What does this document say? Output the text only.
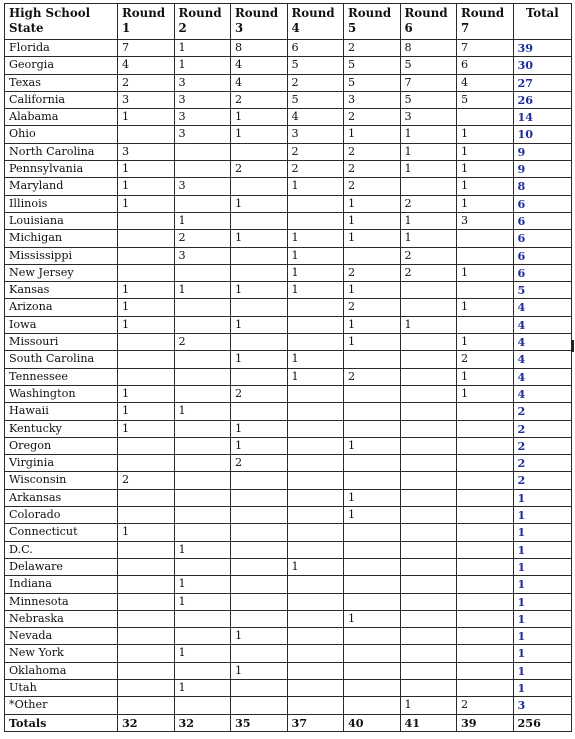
High School State	Round 1	Round 2	Round 3	Round 4	Round 5	Round 6	Round 7	Total
Florida	7	1	8	6	2	8	7	39
Georgia	4	1	4	5	5	5	6	30
Texas	2	3	4	2	5	7	4	27
California	3	3	2	5	3	5	5	26
Alabama	1	3	1	4	2	3		14
Ohio		3	1	3	1	1	1	10
North Carolina	3			2	2	1	1	9
Pennsylvania	1		2	2	2	1	1	9
Maryland	1	3		1	2		1	8
Illinois	1		1		1	2	1	6
Louisiana		1			1	1	3	6
Michigan		2	1	1	1	1		6
Mississippi		3		1		2		6
New Jersey				1	2	2	1	6
Kansas	1	1	1	1	1			5
Arizona	1				2		1	4
Iowa	1		1		1	1		4
Missouri		2			1		1	4
South Carolina			1	1			2	4
Tennessee				1	2		1	4
Washington	1		2				1	4
Hawaii	1	1						2
Kentucky	1		1					2
Oregon			1		1			2
Virginia			2					2
Wisconsin	2							2
Arkansas					1			1
Colorado					1			1
Connecticut	1							1
D.C.		1						1
Delaware				1				1
Indiana		1						1
Minnesota		1						1
Nebraska					1			1
Nevada			1					1
New York		1						1
Oklahoma			1					1
Utah		1						1
*Other						1	2	3
Totals	32	32	35	37	40	41	39	256
